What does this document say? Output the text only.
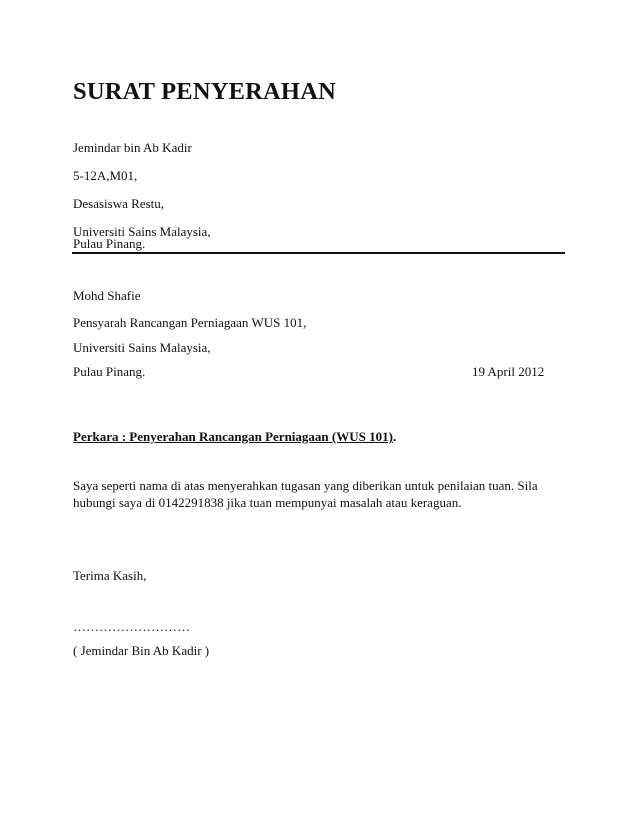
SURAT PENYERAHAN
Jemindar bin Ab Kadir
5-12A,M01,
Desasiswa Restu,
Universiti Sains Malaysia,
Pulau Pinang.
Mohd Shafie
Pensyarah Rancangan Perniagaan WUS 101,
Universiti Sains Malaysia,
Pulau Pinang.	19 April 2012
Perkara : Penyerahan Rancangan Perniagaan (WUS 101).
Saya seperti nama di atas menyerahkan tugasan yang diberikan untuk penilaian tuan. Sila
hubungi saya di 0142291838 jika tuan mempunyai masalah atau keraguan.
Terima Kasih,
………………………
( Jemindar Bin Ab Kadir )
